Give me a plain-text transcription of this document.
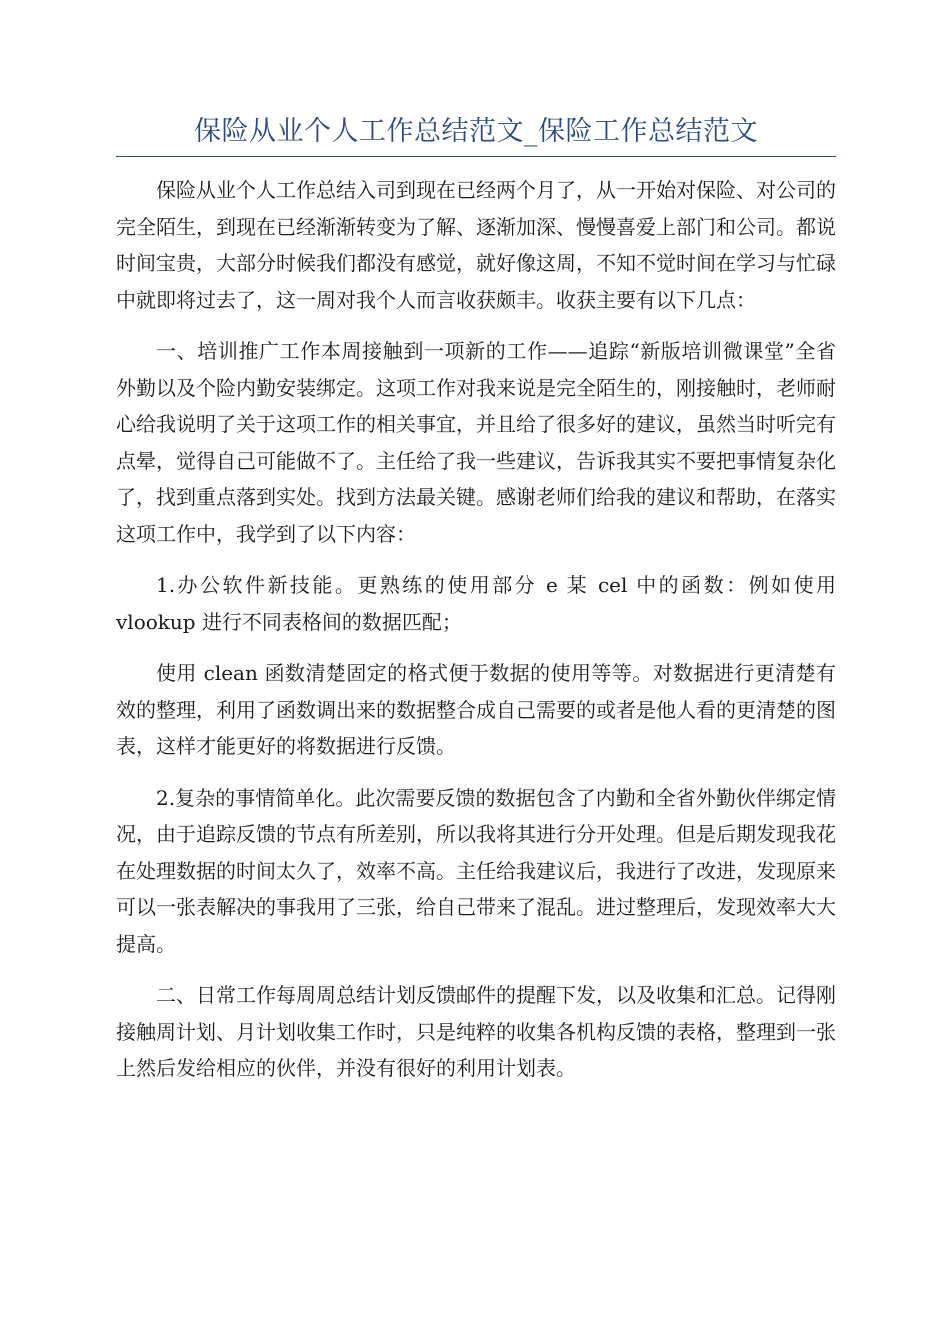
保险从业个人工作总结范文_保险工作总结范文

保险从业个人工作总结入司到现在已经两个月了，从一开始对保险、对公司的完全陌生，到现在已经渐渐转变为了解、逐渐加深、慢慢喜爱上部门和公司。都说时间宝贵，大部分时候我们都没有感觉，就好像这周，不知不觉时间在学习与忙碌中就即将过去了，这一周对我个人而言收获颇丰。收获主要有以下几点：

一、培训推广工作本周接触到一项新的工作——追踪“新版培训微课堂”全省外勤以及个险内勤安装绑定。这项工作对我来说是完全陌生的，刚接触时，老师耐心给我说明了关于这项工作的相关事宜，并且给了很多好的建议，虽然当时听完有点晕，觉得自己可能做不了。主任给了我一些建议，告诉我其实不要把事情复杂化了，找到重点落到实处。找到方法最关键。感谢老师们给我的建议和帮助，在落实这项工作中，我学到了以下内容：

1.办公软件新技能。更熟练的使用部分 e 某 cel 中的函数：例如使用 vlookup 进行不同表格间的数据匹配；

使用 clean 函数清楚固定的格式便于数据的使用等等。对数据进行更清楚有效的整理，利用了函数调出来的数据整合成自己需要的或者是他人看的更清楚的图表，这样才能更好的将数据进行反馈。

2.复杂的事情简单化。此次需要反馈的数据包含了内勤和全省外勤伙伴绑定情况，由于追踪反馈的节点有所差别，所以我将其进行分开处理。但是后期发现我花在处理数据的时间太久了，效率不高。主任给我建议后，我进行了改进，发现原来可以一张表解决的事我用了三张，给自己带来了混乱。进过整理后，发现效率大大提高。

二、日常工作每周周总结计划反馈邮件的提醒下发，以及收集和汇总。记得刚接触周计划、月计划收集工作时，只是纯粹的收集各机构反馈的表格，整理到一张上然后发给相应的伙伴，并没有很好的利用计划表。
